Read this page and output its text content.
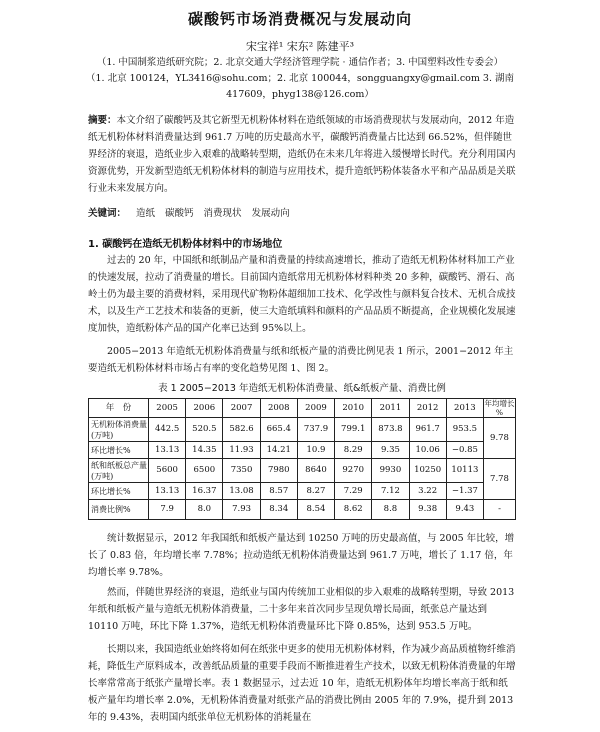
碳酸钙市场消费概况与发展动向
宋宝祥¹ 宋东² 陈建平³
（1. 中国制浆造纸研究院；2. 北京交通大学经济管理学院 · 通信作者；3. 中国塑料改性专委会）
（1. 北京 100124，YL3416@sohu.com；2. 北京 100044，songguangxy@gmail.com 3. 湖南
417609，phyg138@126.com）
摘要：本文介绍了碳酸钙及其它新型无机粉体材料在造纸领域的市场消费现状与发展动向，2012 年造纸无机粉体材料消费量达到 961.7 万吨的历史最高水平，碳酸钙消费量占比达到 66.52%，但伴随世界经济的衰退，造纸业步入艰难的战略转型期，造纸仍在未来几年将进入缓慢增长时代。充分利用国内资源优势，开发新型造纸无机粉体材料的制造与应用技术，提升造纸钙粉体装备水平和产品品质是关联行业未来发展方向。
关键词： 造纸 碳酸钙 消费现状 发展动向
1. 碳酸钙在造纸无机粉体材料中的市场地位

过去的 20 年，中国纸和纸制品产量和消费量的持续高速增长，推动了造纸无机粉体材料加工产业的快速发展，拉动了消费量的增长。目前国内造纸常用无机粉体材料种类 20 多种，碳酸钙、滑石、高岭土仍为最主要的消费材料，采用现代矿物粉体超细加工技术、化学改性与颜料复合技术、无机合成技术，以及生产工艺技术和装备的更新，使三大造纸填料和颜料的产品品质不断提高，企业规模化发展速度加快，造纸粉体产品的国产化率已达到 95%以上。

2005−2013 年造纸无机粉体消费量与纸和纸板产量的消费比例见表 1 所示，2001−2012 年主要造纸无机粉体材料市场占有率的变化趋势见图 1、图 2。

表 1 2005−2013 年造纸无机粉体消费量、纸&纸板产量、消费比例
年　份	2005	2006	2007	2008	2009	2010	2011	2012	2013	年均增长 %
无机粉体消费量(万吨)	442.5	520.5	582.6	665.4	737.9	799.1	873.8	961.7	953.5	9.78
环比增长%	13.13	14.35	11.93	14.21	10.9	8.29	9.35	10.06	−0.85	
纸和纸板总产量(万吨)	5600	6500	7350	7980	8640	9270	9930	10250	10113	7.78
环比增长%	13.13	16.37	13.08	8.57	8.27	7.29	7.12	3.22	−1.37	
消费比例%	7.9	8.0	7.93	8.34	8.54	8.62	8.8	9.38	9.43	-

统计数据显示，2012 年我国纸和纸板产量达到 10250 万吨的历史最高值，与 2005 年比较，增长了 0.83 倍，年均增长率 7.78%；拉动造纸无机粉体消费量达到 961.7 万吨，增长了 1.17 倍，年均增长率 9.78%。

然而，伴随世界经济的衰退，造纸业与国内传统加工业相似的步入艰难的战略转型期，导致 2013 年纸和纸板产量与造纸无机粉体消费量，二十多年来首次同步呈现负增长局面，纸张总产量达到 10110 万吨，环比下降 1.37%，造纸无机粉体消费量环比下降 0.85%，达到 953.5 万吨。

长期以来，我国造纸业始终将如何在纸张中更多的使用无机粉体材料，作为减少高品质植物纤维消耗，降低生产原料成本，改善纸品质量的重要手段而不断推进着生产技术，以致无机粉体消费量的年增长率常常高于纸张产量增长率。表 1 数据显示，过去近 10 年，造纸无机粉体年均增长率高于纸和纸板产量年均增长率 2.0%，无机粉体消费量对纸张产品的消费比例由 2005 年的 7.9%，提升到 2013 年的 9.43%，表明国内纸张单位无机粉体的消耗量在
